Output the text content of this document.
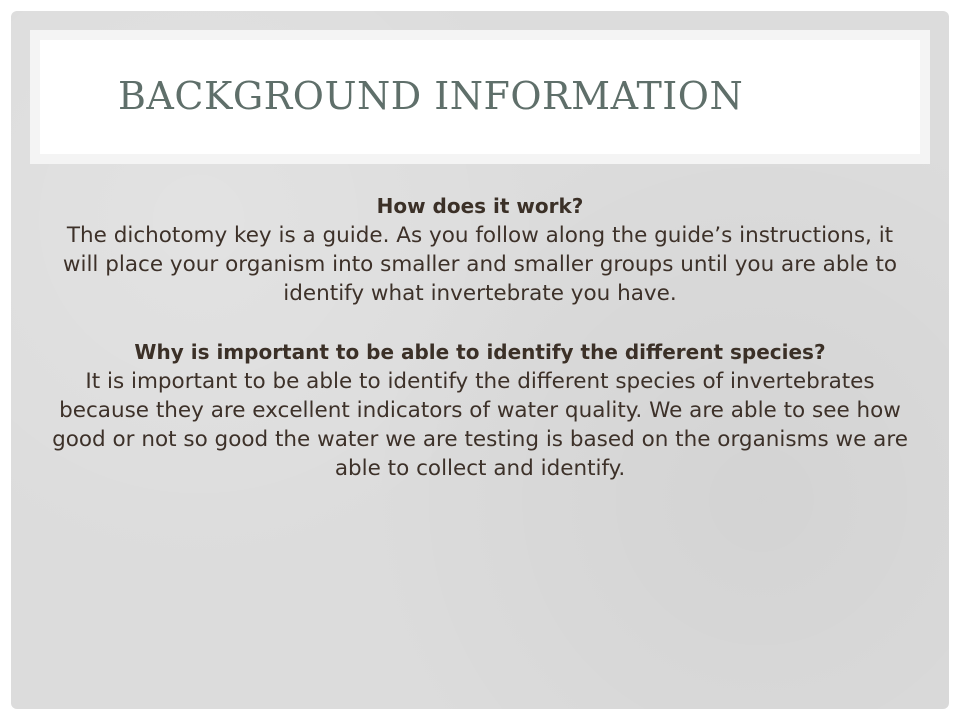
BACKGROUND INFORMATION

How does it work?

The dichotomy key is a guide. As you follow along the guide’s instructions, it will place your organism into smaller and smaller groups until you are able to identify what invertebrate you have.

Why is important to be able to identify the different species?

It is important to be able to identify the different species of invertebrates because they are excellent indicators of water quality. We are able to see how good or not so good the water we are testing is based on the organisms we are able to collect and identify.
